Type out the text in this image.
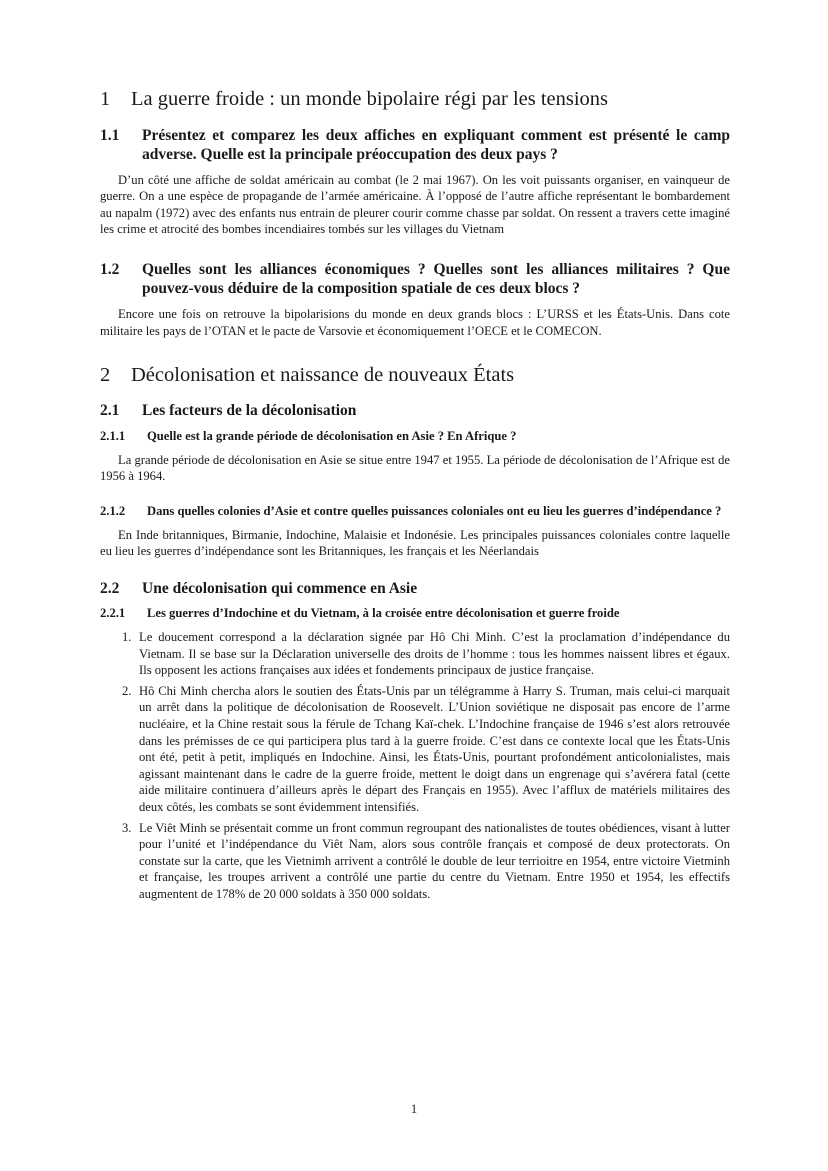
1	La guerre froide : un monde bipolaire régi par les tensions
1.1	Présentez et comparez les deux affiches en expliquant comment est présenté le camp adverse. Quelle est la principale préoccupation des deux pays ?

D’un côté une affiche de soldat américain au combat (le 2 mai 1967). On les voit puissants organiser, en vainqueur de guerre. On a une espèce de propagande de l’armée américaine. À l’opposé de l’autre affiche représentant le bombardement au napalm (1972) avec des enfants nus entrain de pleurer courir comme chasse par soldat. On ressent a travers cette imaginé les crime et atrocité des bombes incendiaires tombés sur les villages du Vietnam

1.2	Quelles sont les alliances économiques ? Quelles sont les alliances militaires ? Que pouvez-vous déduire de la composition spatiale de ces deux blocs ?

Encore une fois on retrouve la bipolarisions du monde en deux grands blocs : L’URSS et les États-Unis. Dans cote militaire les pays de l’OTAN et le pacte de Varsovie et économiquement l’OECE et le COMECON.

2	Décolonisation et naissance de nouveaux États
2.1	Les facteurs de la décolonisation
2.1.1	Quelle est la grande période de décolonisation en Asie ? En Afrique ?

La grande période de décolonisation en Asie se situe entre 1947 et 1955. La période de décolonisation de l’Afrique est de 1956 à 1964.

2.1.2	Dans quelles colonies d’Asie et contre quelles puissances coloniales ont eu lieu les guerres d’indépendance ?

En Inde britanniques, Birmanie, Indochine, Malaisie et Indonésie. Les principales puissances coloniales contre laquelle eu lieu les guerres d’indépendance sont les Britanniques, les français et les Néerlandais

2.2	Une décolonisation qui commence en Asie
2.2.1	Les guerres d’Indochine et du Vietnam, à la croisée entre décolonisation et guerre froide
1. Le doucement correspond a la déclaration signée par Hô Chi Minh. C’est la proclamation d’indépendance du Vietnam. Il se base sur la Déclaration universelle des droits de l’homme : tous les hommes naissent libres et égaux. Ils opposent les actions françaises aux idées et fondements principaux de justice française.
2. Hô Chi Minh chercha alors le soutien des États-Unis par un télégramme à Harry S. Truman, mais celui-ci marquait un arrêt dans la politique de décolonisation de Roosevelt. L’Union soviétique ne disposait pas encore de l’arme nucléaire, et la Chine restait sous la férule de Tchang Kaï-chek. L’Indochine française de 1946 s’est alors retrouvée dans les prémisses de ce qui participera plus tard à la guerre froide. C’est dans ce contexte local que les États-Unis ont été, petit à petit, impliqués en Indochine. Ainsi, les États-Unis, pourtant profondément anticolonialistes, mais agissant maintenant dans le cadre de la guerre froide, mettent le doigt dans un engrenage qui s’avérera fatal (cette aide militaire continuera d’ailleurs après le départ des Français en 1955). Avec l’afflux de matériels militaires des deux côtés, les combats se sont évidemment intensifiés.
3. Le Viêt Minh se présentait comme un front commun regroupant des nationalistes de toutes obédiences, visant à lutter pour l’unité et l’indépendance du Viêt Nam, alors sous contrôle français et composé de deux protectorats. On constate sur la carte, que les Vietnimh arrivent a contrôlé le double de leur terrioitre en 1954, entre victoire Vietminh et française, les troupes arrivent a contrôlé une partie du centre du Vietnam. Entre 1950 et 1954, les effectifs augmentent de 178% de 20 000 soldats à 350 000 soldats.
1
